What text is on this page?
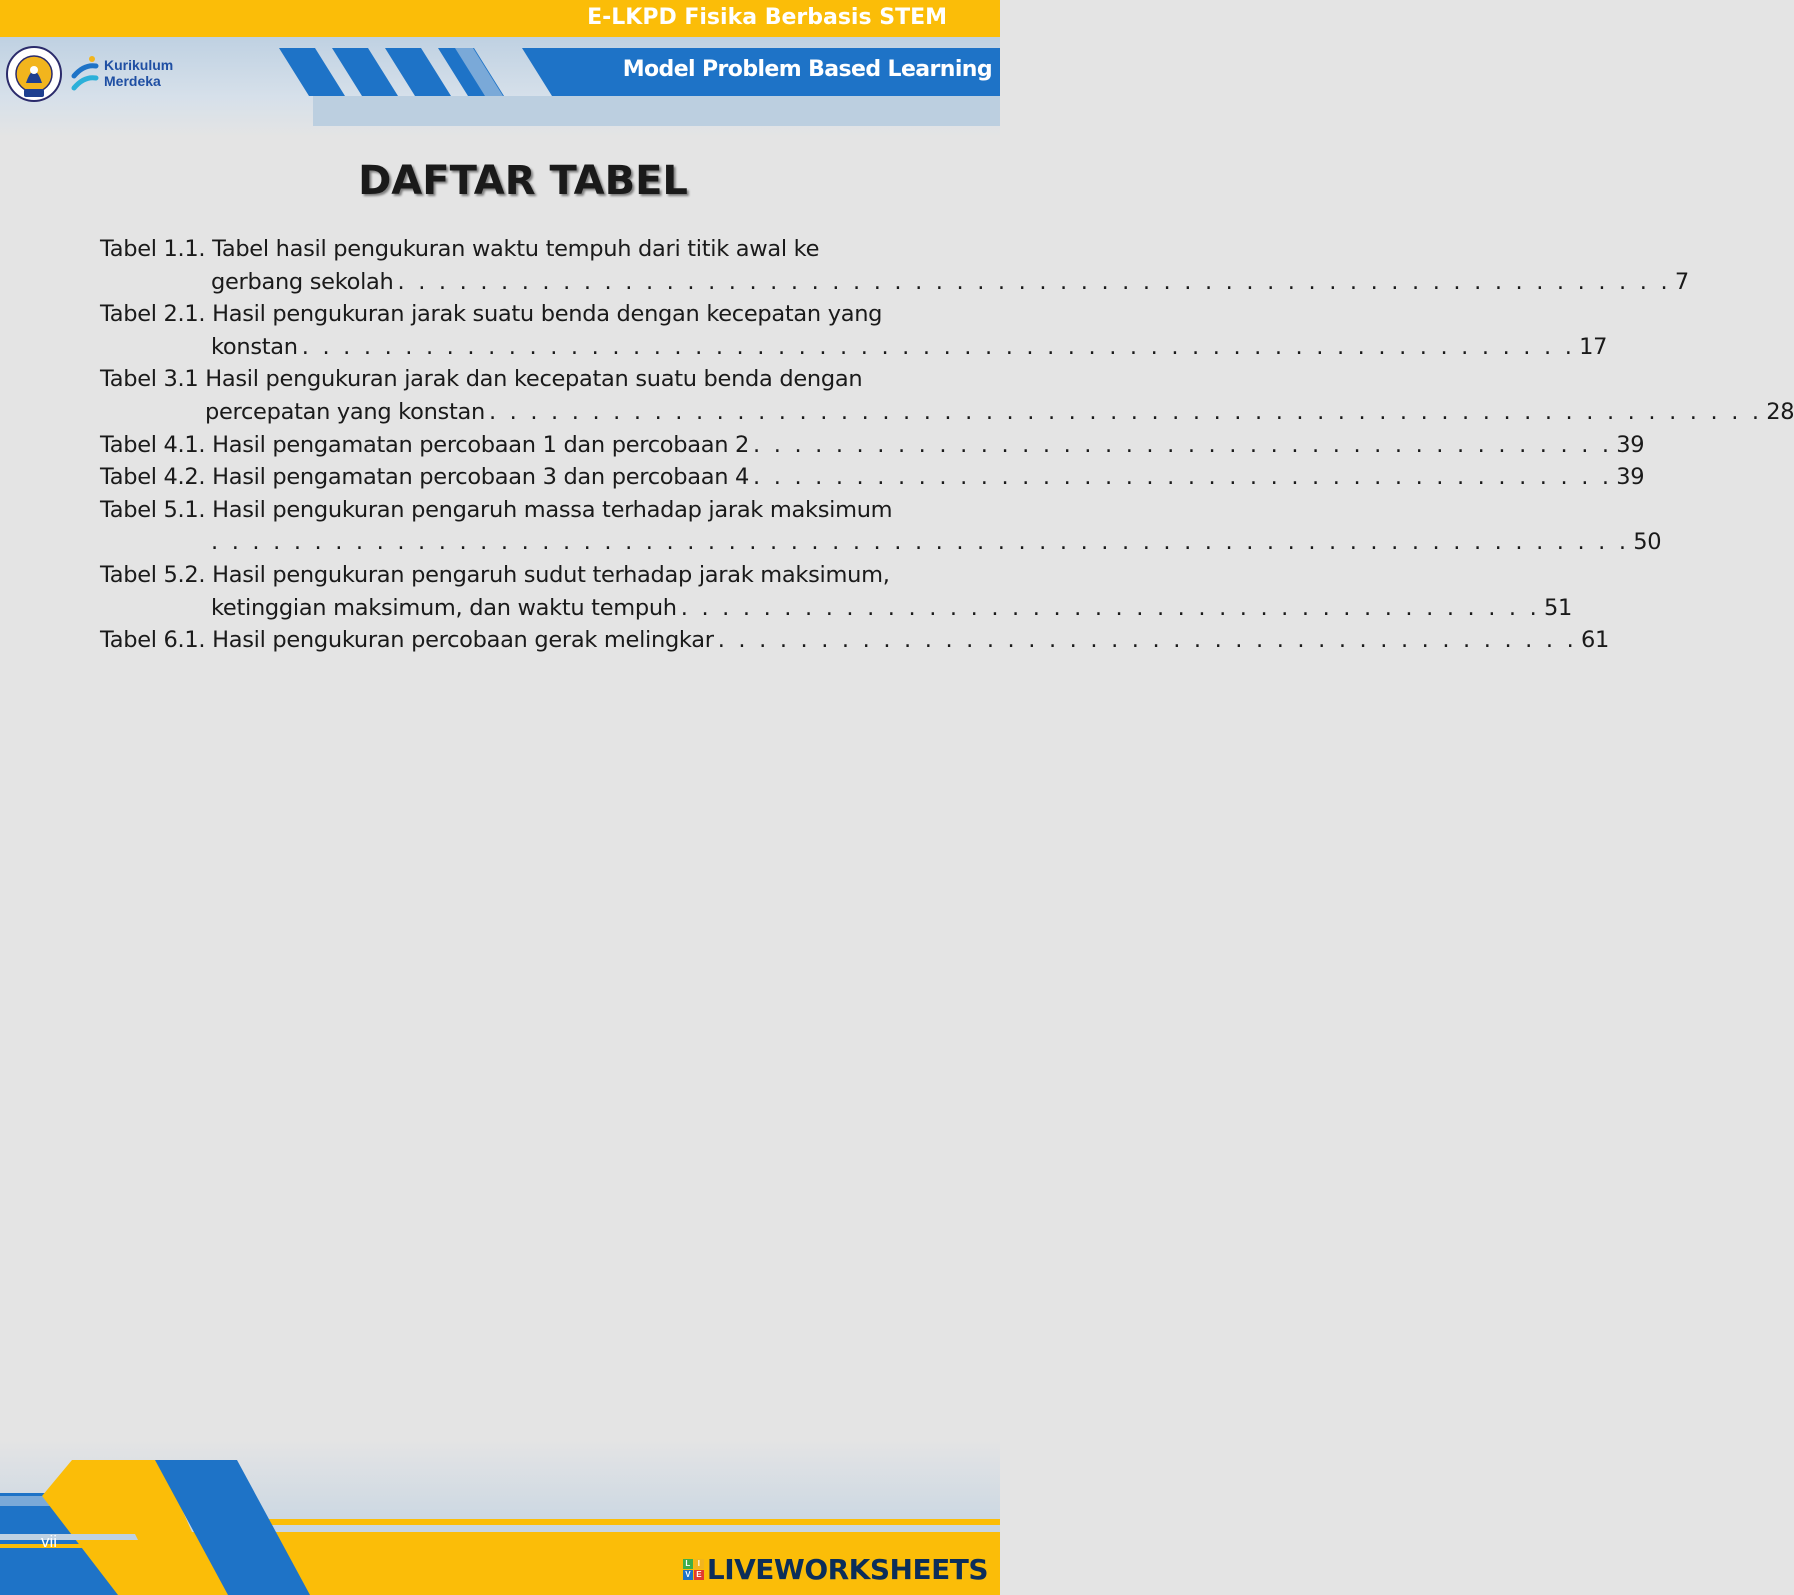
E-LKPD Fisika Berbasis STEM
Model Problem Based Learning
Kurikulum
Merdeka
DAFTAR TABEL
Tabel 1.1. Tabel hasil pengukuran waktu tempuh dari titik awal ke
gerbang sekolah . . . . . . . . . . . . . . . . . . . . . . . . . . . . . . . . . . . . . . . . . . . . . . . . . . . . . . . . . . . . . . 7
Tabel 2.1. Hasil pengukuran jarak suatu benda dengan kecepatan yang
konstan . . . . . . . . . . . . . . . . . . . . . . . . . . . . . . . . . . . . . . . . . . . . . . . . . . . . . . . . . . . . . . 17
Tabel 3.1 Hasil pengukuran jarak dan kecepatan suatu benda dengan
percepatan yang konstan . . . . . . . . . . . . . . . . . . . . . . . . . . . . . . . . . . . . . . . . . . . . . . . . . . . . . . . . . . . . . . 28
Tabel 4.1. Hasil pengamatan percobaan 1 dan percobaan 2 . . . . . . . . . . . . . . . . . . . . . . . . . . . . . . . . . . . . . . . . . . 39
Tabel 4.2. Hasil pengamatan percobaan 3 dan percobaan 4 . . . . . . . . . . . . . . . . . . . . . . . . . . . . . . . . . . . . . . . . . . 39
Tabel 5.1. Hasil pengukuran pengaruh massa terhadap jarak maksimum
. . . . . . . . . . . . . . . . . . . . . . . . . . . . . . . . . . . . . . . . . . . . . . . . . . . . . . . . . . . . . . . . . . . . . 50
Tabel 5.2. Hasil pengukuran pengaruh sudut terhadap jarak maksimum,
ketinggian maksimum, dan waktu tempuh . . . . . . . . . . . . . . . . . . . . . . . . . . . . . . . . . . . . . . . . . . 51
Tabel 6.1. Hasil pengukuran percobaan gerak melingkar . . . . . . . . . . . . . . . . . . . . . . . . . . . . . . . . . . . . . . . . . . 61
vii
L I
V E LIVEWORKSHEETS
